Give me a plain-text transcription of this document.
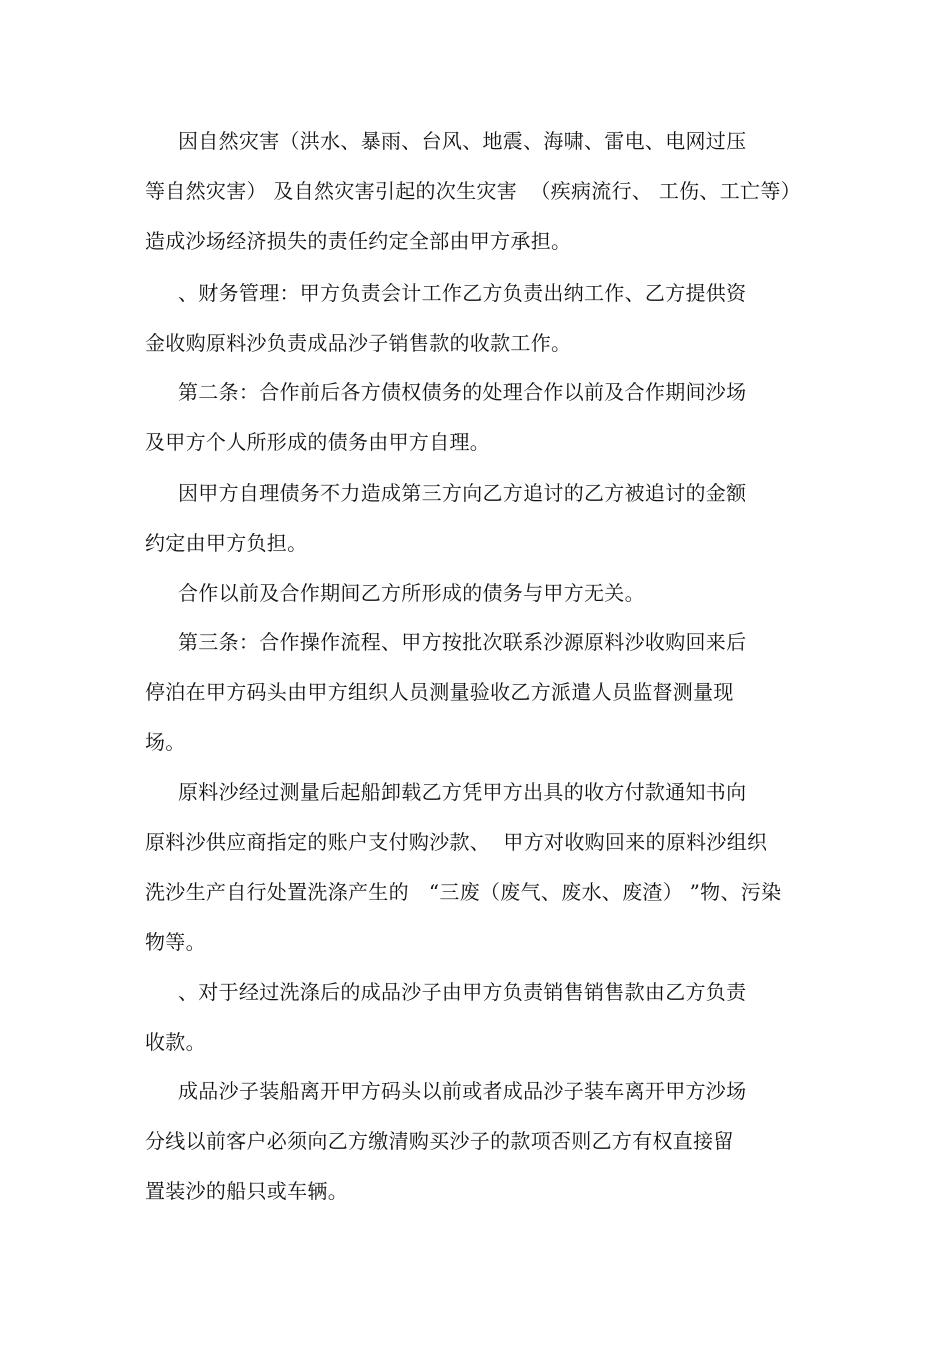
因自然灾害（洪水、暴雨、台风、地震、海啸、雷电、电网过压
等自然灾害） 及自然灾害引起的次生灾害  （疾病流行、 工伤、工亡等）
造成沙场经济损失的责任约定全部由甲方承担。
、财务管理：甲方负责会计工作乙方负责出纳工作、乙方提供资
金收购原料沙负责成品沙子销售款的收款工作。
第二条：合作前后各方债权债务的处理合作以前及合作期间沙场
及甲方个人所形成的债务由甲方自理。
因甲方自理债务不力造成第三方向乙方追讨的乙方被追讨的金额
约定由甲方负担。
合作以前及合作期间乙方所形成的债务与甲方无关。
第三条：合作操作流程、甲方按批次联系沙源原料沙收购回来后
停泊在甲方码头由甲方组织人员测量验收乙方派遣人员监督测量现
场。
原料沙经过测量后起船卸载乙方凭甲方出具的收方付款通知书向
原料沙供应商指定的账户支付购沙款、  甲方对收购回来的原料沙组织
洗沙生产自行处置洗涤产生的   “三废（废气、废水、废渣） ”物、污染
物等。
、对于经过洗涤后的成品沙子由甲方负责销售销售款由乙方负责
收款。
成品沙子装船离开甲方码头以前或者成品沙子装车离开甲方沙场
分线以前客户必须向乙方缴清购买沙子的款项否则乙方有权直接留
置装沙的船只或车辆。
